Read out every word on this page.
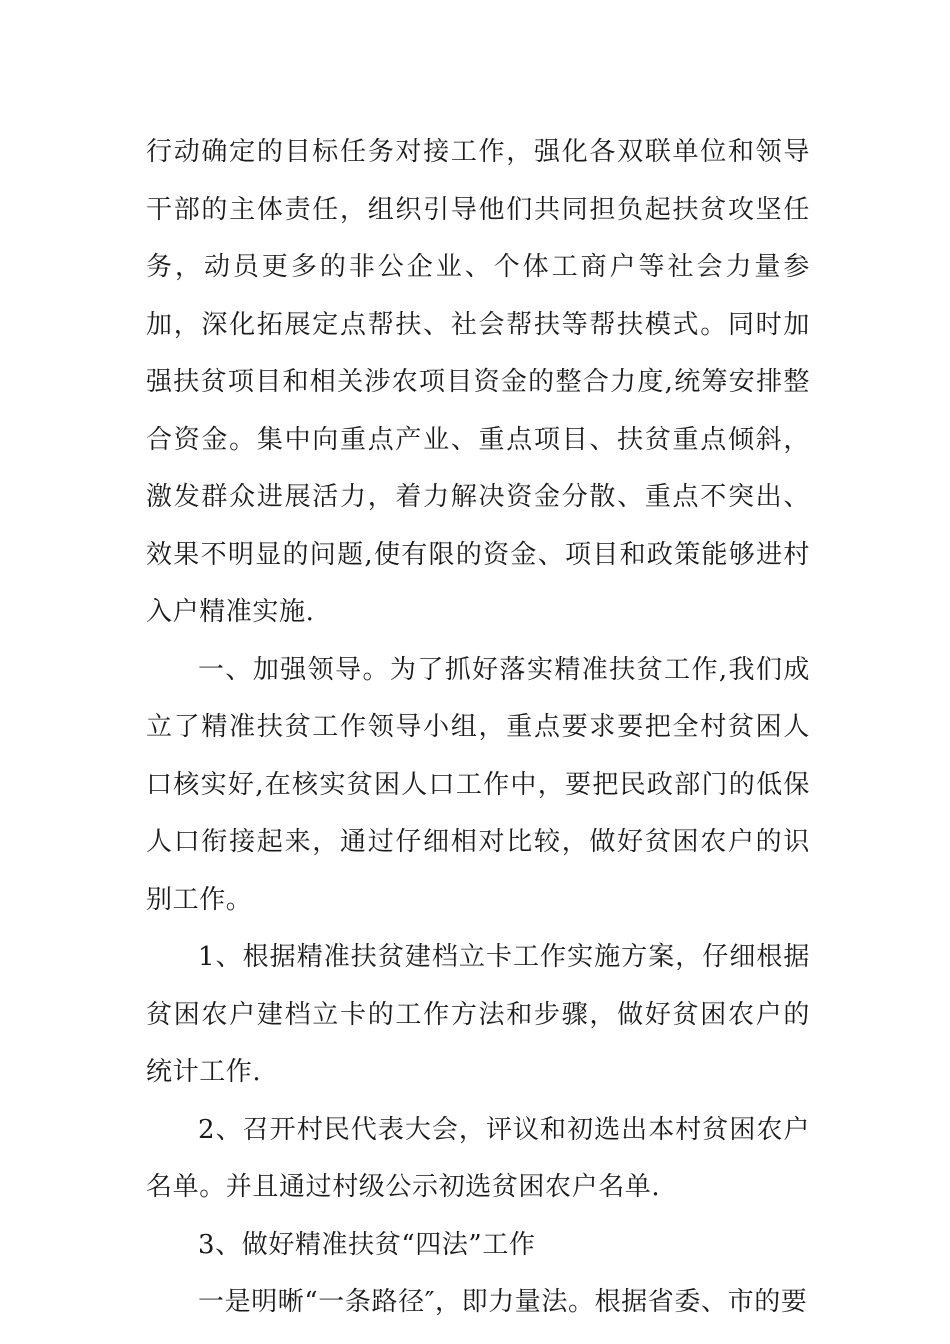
行动确定的目标任务对接工作，强化各双联单位和领导干部的主体责任，组织引导他们共同担负起扶贫攻坚任务，动员更多的非公企业、个体工商户等社会力量参加，深化拓展定点帮扶、社会帮扶等帮扶模式。同时加强扶贫项目和相关涉农项目资金的整合力度,统筹安排整合资金。集中向重点产业、重点项目、扶贫重点倾斜，激发群众进展活力，着力解决资金分散、重点不突出、效果不明显的问题,使有限的资金、项目和政策能够进村入户精准实施.

一、加强领导。为了抓好落实精准扶贫工作,我们成立了精准扶贫工作领导小组，重点要求要把全村贫困人口核实好,在核实贫困人口工作中，要把民政部门的低保人口衔接起来，通过仔细相对比较，做好贫困农户的识别工作。

1、根据精准扶贫建档立卡工作实施方案，仔细根据贫困农户建档立卡的工作方法和步骤，做好贫困农户的统计工作.

2、召开村民代表大会，评议和初选出本村贫困农户名单。并且通过村级公示初选贫困农户名单.

3、做好精准扶贫“四法”工作

一是明晰“一条路径″，即力量法。根据省委、市的要
